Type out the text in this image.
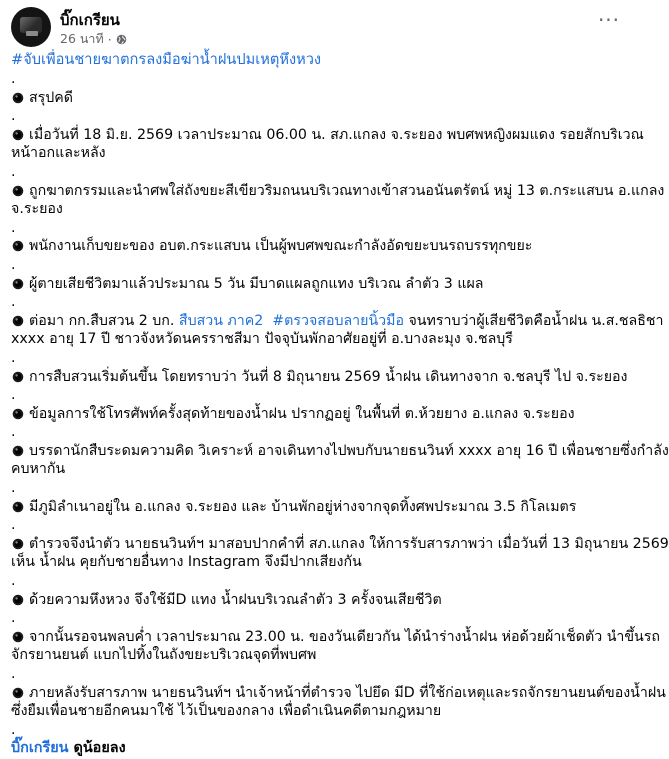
บิ๊กเกรียน
26 นาที ·
···
#จับเพื่อนชายฆาตกรลงมือฆ่าน้ำฝนปมเหตุหึงหวง
.
สรุปคดี
.
เมื่อวันที่ 18 มิ.ย. 2569 เวลาประมาณ 06.00 น. สภ.แกลง จ.ระยอง พบศพหญิงผมแดง รอยสักบริเวณ
หน้าอกและหลัง
.
ถูกฆาตกรรมและนำศพใส่ถังขยะสีเขียวริมถนนบริเวณทางเข้าสวนอนันตรัตน์ หมู่ 13 ต.กระแสบน อ.แกลง
จ.ระยอง
.
พนักงานเก็บขยะของ อบต.กระแสบน เป็นผู้พบศพขณะกำลังอัดขยะบนรถบรรทุกขยะ
.
ผู้ตายเสียชีวิตมาแล้วประมาณ 5 วัน มีบาดแผลถูกแทง บริเวณ ลำตัว 3 แผล
.
ต่อมา กก.สืบสวน 2 บก. สืบสวน ภาค2 #ตรวจสอบลายนิ้วมือ จนทราบว่าผู้เสียชีวิตคือน้ำฝน น.ส.ชลธิชา
xxxx อายุ 17 ปี ชาวจังหวัดนครราชสีมา ปัจจุบันพักอาศัยอยู่ที่ อ.บางละมุง จ.ชลบุรี
.
การสืบสวนเริ่มต้นขึ้น โดยทราบว่า วันที่ 8 มิถุนายน 2569 น้ำฝน เดินทางจาก จ.ชลบุรี ไป จ.ระยอง
.
ข้อมูลการใช้โทรศัพท์ครั้งสุดท้ายของน้ำฝน ปรากฏอยู่ ในพื้นที่ ต.ห้วยยาง อ.แกลง จ.ระยอง
.
บรรดานักสืบระดมความคิด วิเคราะห์ อาจเดินทางไปพบกับนายธนวินท์ xxxx อายุ 16 ปี เพื่อนชายซึ่งกำลัง
คบหากัน
.
มีภูมิลำเนาอยู่ใน อ.แกลง จ.ระยอง และ บ้านพักอยู่ห่างจากจุดทิ้งศพประมาณ 3.5 กิโลเมตร
.
ตำรวจจึงนำตัว นายธนวินท์ฯ มาสอบปากคำที่ สภ.แกลง ให้การรับสารภาพว่า เมื่อวันที่ 13 มิถุนายน 2569
เห็น น้ำฝน คุยกับชายอื่นทาง Instagram จึงมีปากเสียงกัน
.
ด้วยความหึงหวง จึงใช้มีD แทง น้ำฝนบริเวณลำตัว 3 ครั้งจนเสียชีวิต
.
จากนั้นรอจนพลบค่ำ เวลาประมาณ 23.00 น. ของวันเดียวกัน ได้นำร่างน้ำฝน ห่อด้วยผ้าเช็ดตัว นำขึ้นรถ
จักรยานยนต์ แบกไปทิ้งในถังขยะบริเวณจุดที่พบศพ
.
ภายหลังรับสารภาพ นายธนวินท์ฯ นำเจ้าหน้าที่ตำรวจ ไปยึด มีD ที่ใช้ก่อเหตุและรถจักรยานยนต์ของน้ำฝน
ซึ่งยืมเพื่อนชายอีกคนมาใช้ ไว้เป็นของกลาง เพื่อดำเนินคดีตามกฎหมาย
.
บิ๊กเกรียน ดูน้อยลง
